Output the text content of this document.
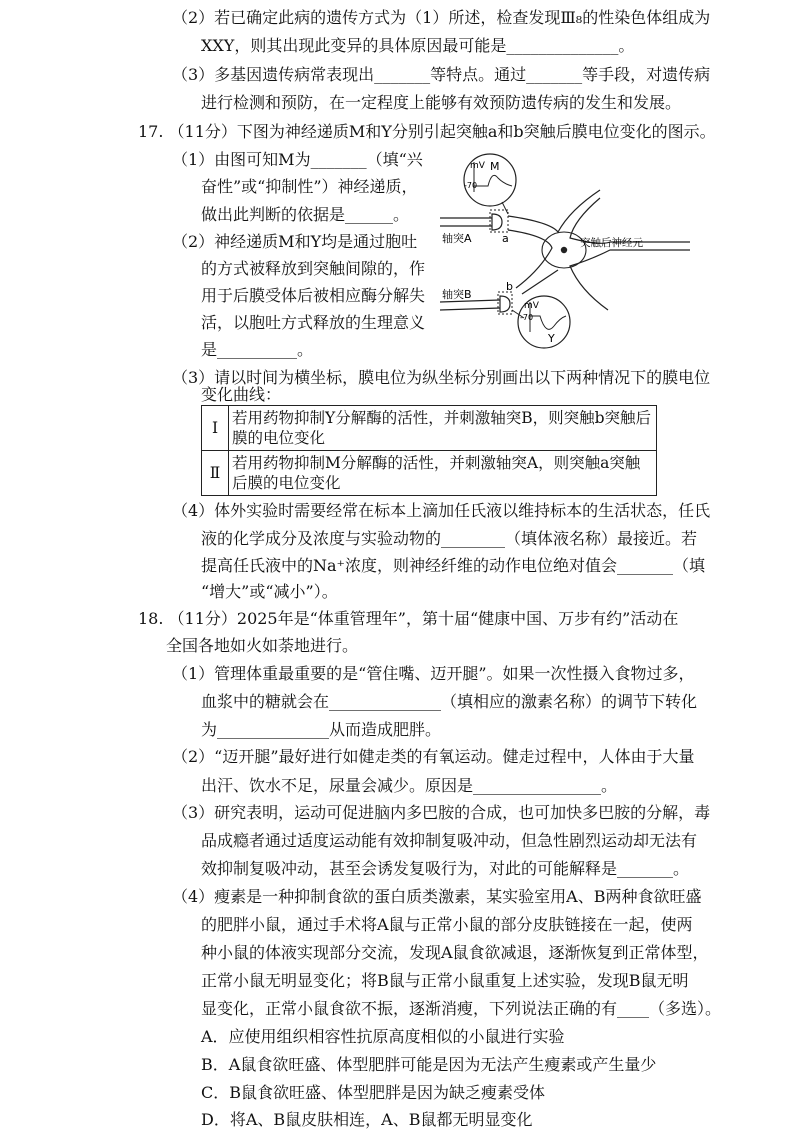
（2）若已确定此病的遗传方式为（1）所述，检查发现Ⅲ₈的性染色体组成为
XXY，则其出现此变异的具体原因最可能是______________。
（3）多基因遗传病常表现出_______等特点。通过_______等手段，对遗传病
进行检测和预防，在一定程度上能够有效预防遗传病的发生和发展。
17. （11分）下图为神经递质M和Y分别引起突触a和b突触后膜电位变化的图示。
（1）由图可知M为_______（填“兴
奋性”或“抑制性”）神经递质，
做出此判断的依据是______。
（2）神经递质M和Y均是通过胞吐
的方式被释放到突触间隙的，作
用于后膜受体后被相应酶分解失
活，以胞吐方式释放的生理意义
是__________。
（3）请以时间为横坐标，膜电位为纵坐标分别画出以下两种情况下的膜电位
变化曲线：
（4）体外实验时需要经常在标本上滴加任氏液以维持标本的生活状态，任氏
液的化学成分及浓度与实验动物的________（填体液名称）最接近。若
提高任氏液中的Na⁺浓度，则神经纤维的动作电位绝对值会_______（填
“增大”或“减小”）。
18. （11分）2025年是“体重管理年”，第十届“健康中国、万步有约”活动在
全国各地如火如荼地进行。
（1）管理体重最重要的是“管住嘴、迈开腿”。如果一次性摄入食物过多，
血浆中的糖就会在______________（填相应的激素名称）的调节下转化
为______________从而造成肥胖。
（2）“迈开腿”最好进行如健走类的有氧运动。健走过程中，人体由于大量
出汗、饮水不足，尿量会减少。原因是________________。
（3）研究表明，运动可促进脑内多巴胺的合成，也可加快多巴胺的分解，毒
品成瘾者通过适度运动能有效抑制复吸冲动，但急性剧烈运动却无法有
效抑制复吸冲动，甚至会诱发复吸行为，对此的可能解释是_______。
（4）瘦素是一种抑制食欲的蛋白质类激素，某实验室用A、B两种食欲旺盛
的肥胖小鼠，通过手术将A鼠与正常小鼠的部分皮肤链接在一起，使两
种小鼠的体液实现部分交流，发现A鼠食欲减退，逐渐恢复到正常体型，
正常小鼠无明显变化；将B鼠与正常小鼠重复上述实验，发现B鼠无明
显变化，正常小鼠食欲不振，逐渐消瘦，下列说法正确的有____（多选）。
A．应使用组织相容性抗原高度相似的小鼠进行实验
B．A鼠食欲旺盛、体型肥胖可能是因为无法产生瘦素或产生量少
C．B鼠食欲旺盛、体型肥胖是因为缺乏瘦素受体
D．将A、B鼠皮肤相连，A、B鼠都无明显变化
mV M
-70
轴突A	a	突触后神经元
轴突B
b
mV
-70
Y
Ⅰ	若用药物抑制Y分解酶的活性，并刺激轴突B，则突触b突触后膜的电位变化
Ⅱ	若用药物抑制M分解酶的活性，并刺激轴突A，则突触a突触后膜的电位变化
